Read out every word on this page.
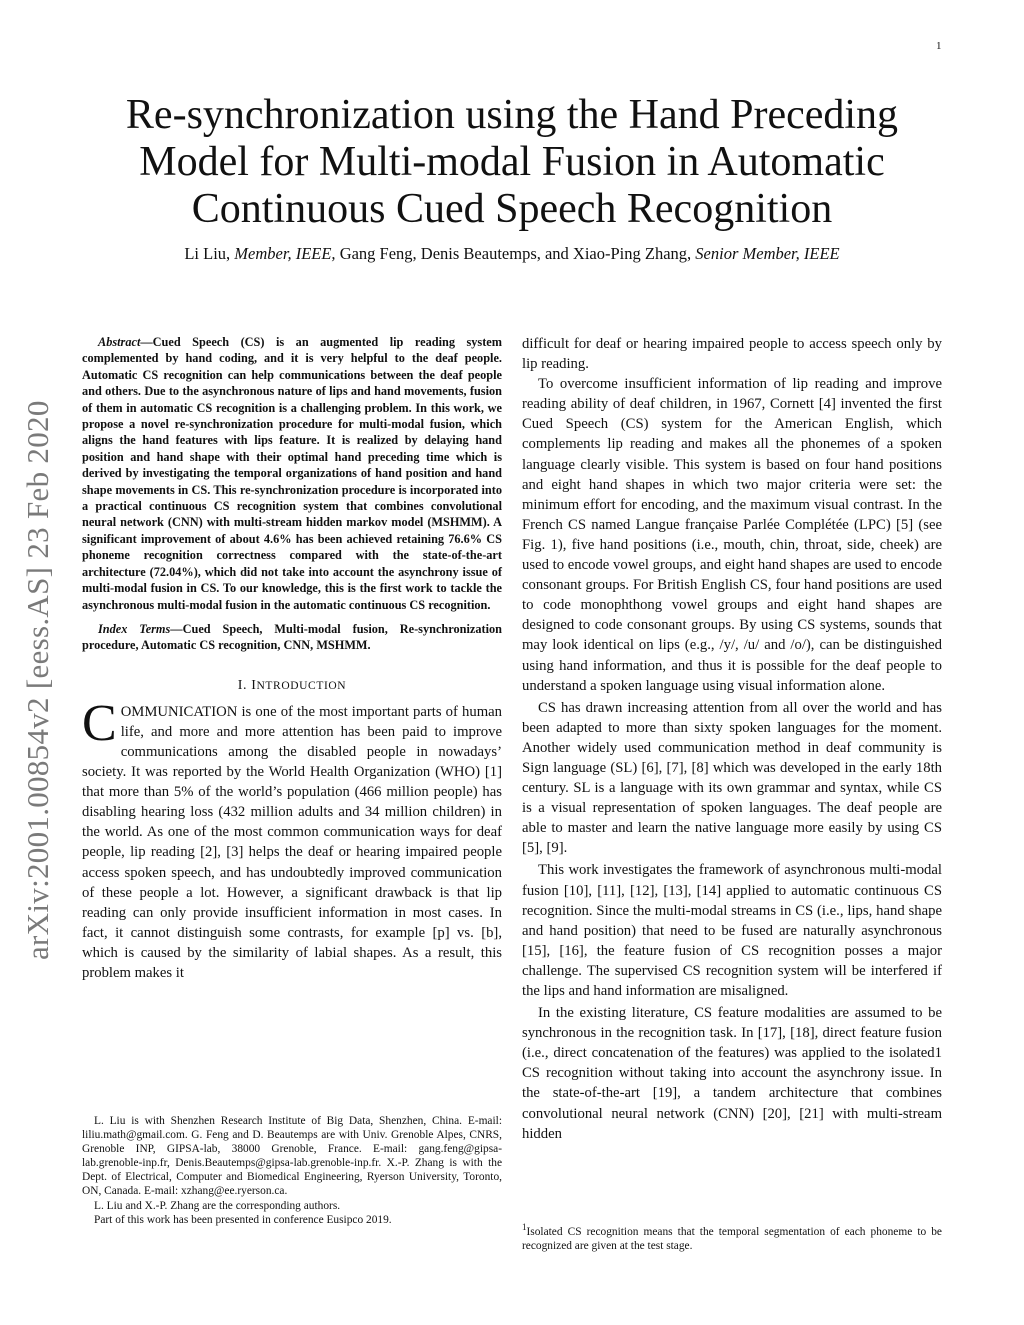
1
arXiv:2001.00854v2 [eess.AS] 23 Feb 2020
Re-synchronization using the Hand Preceding Model for Multi-modal Fusion in Automatic Continuous Cued Speech Recognition
Li Liu, Member, IEEE, Gang Feng, Denis Beautemps, and Xiao-Ping Zhang, Senior Member, IEEE

Abstract—Cued Speech (CS) is an augmented lip reading system complemented by hand coding, and it is very helpful to the deaf people. Automatic CS recognition can help communications between the deaf people and others. Due to the asynchronous nature of lips and hand movements, fusion of them in automatic CS recognition is a challenging problem. In this work, we propose a novel re-synchronization procedure for multi-modal fusion, which aligns the hand features with lips feature. It is realized by delaying hand position and hand shape with their optimal hand preceding time which is derived by investigating the temporal organizations of hand position and hand shape movements in CS. This re-synchronization procedure is incorporated into a practical continuous CS recognition system that combines convolutional neural network (CNN) with multi-stream hidden markov model (MSHMM). A significant improvement of about 4.6% has been achieved retaining 76.6% CS phoneme recognition correctness compared with the state-of-the-art architecture (72.04%), which did not take into account the asynchrony issue of multi-modal fusion in CS. To our knowledge, this is the first work to tackle the asynchronous multi-modal fusion in the automatic continuous CS recognition.

Index Terms—Cued Speech, Multi-modal fusion, Re-synchronization procedure, Automatic CS recognition, CNN, MSHMM.

I. INTRODUCTION

COMMUNICATION is one of the most important parts of human life, and more and more attention has been paid to improve communications among the disabled people in nowadays’ society. It was reported by the World Health Organization (WHO) [1] that more than 5% of the world’s population (466 million people) has disabling hearing loss (432 million adults and 34 million children) in the world. As one of the most common communication ways for deaf people, lip reading [2], [3] helps the deaf or hearing impaired people access spoken speech, and has undoubtedly improved communication of these people a lot. However, a significant drawback is that lip reading can only provide insufficient information in most cases. In fact, it cannot distinguish some contrasts, for example [p] vs. [b], which is caused by the similarity of labial shapes. As a result, this problem makes it

L. Liu is with Shenzhen Research Institute of Big Data, Shenzhen, China. E-mail: liliu.math@gmail.com. G. Feng and D. Beautemps are with Univ. Grenoble Alpes, CNRS, Grenoble INP, GIPSA-lab, 38000 Grenoble, France. E-mail: gang.feng@gipsa-lab.grenoble-inp.fr, Denis.Beautemps@gipsa-lab.grenoble-inp.fr. X.-P. Zhang is with the Dept. of Electrical, Computer and Biomedical Engineering, Ryerson University, Toronto, ON, Canada. E-mail: xzhang@ee.ryerson.ca.

L. Liu and X.-P. Zhang are the corresponding authors.

Part of this work has been presented in conference Eusipco 2019.

difficult for deaf or hearing impaired people to access speech only by lip reading.

To overcome insufficient information of lip reading and improve reading ability of deaf children, in 1967, Cornett [4] invented the first Cued Speech (CS) system for the American English, which complements lip reading and makes all the phonemes of a spoken language clearly visible. This system is based on four hand positions and eight hand shapes in which two major criteria were set: the minimum effort for encoding, and the maximum visual contrast. In the French CS named Langue française Parlée Complétée (LPC) [5] (see Fig. 1), five hand positions (i.e., mouth, chin, throat, side, cheek) are used to encode vowel groups, and eight hand shapes are used to encode consonant groups. For British English CS, four hand positions are used to code monophthong vowel groups and eight hand shapes are designed to code consonant groups. By using CS systems, sounds that may look identical on lips (e.g., /y/, /u/ and /o/), can be distinguished using hand information, and thus it is possible for the deaf people to understand a spoken language using visual information alone.

CS has drawn increasing attention from all over the world and has been adapted to more than sixty spoken languages for the moment. Another widely used communication method in deaf community is Sign language (SL) [6], [7], [8] which was developed in the early 18th century. SL is a language with its own grammar and syntax, while CS is a visual representation of spoken languages. The deaf people are able to master and learn the native language more easily by using CS [5], [9].

This work investigates the framework of asynchronous multi-modal fusion [10], [11], [12], [13], [14] applied to automatic continuous CS recognition. Since the multi-modal streams in CS (i.e., lips, hand shape and hand position) that need to be fused are naturally asynchronous [15], [16], the feature fusion of CS recognition posses a major challenge. The supervised CS recognition system will be interfered if the lips and hand information are misaligned.

In the existing literature, CS feature modalities are assumed to be synchronous in the recognition task. In [17], [18], direct feature fusion (i.e., direct concatenation of the features) was applied to the isolated1 CS recognition without taking into account the asynchrony issue. In the state-of-the-art [19], a tandem architecture that combines convolutional neural network (CNN) [20], [21] with multi-stream hidden

$^1$Isolated CS recognition means that the temporal segmentation of each phoneme to be recognized are given at the test stage.
